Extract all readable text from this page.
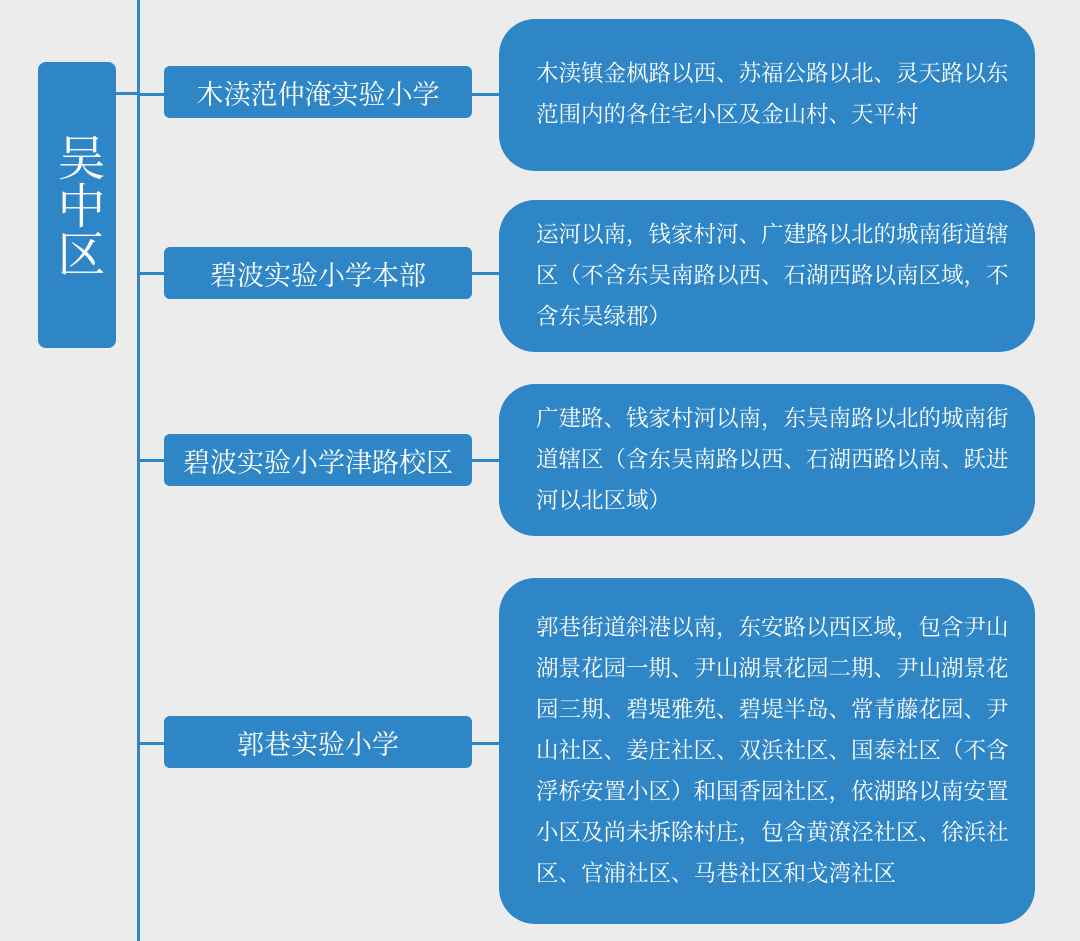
吴中区
木渎范仲淹实验小学
碧波实验小学本部
碧波实验小学津路校区
郭巷实验小学
木渎镇金枫路以西、苏福公路以北、灵天路以东范围内的各住宅小区及金山村、天平村
运河以南，钱家村河、广建路以北的城南街道辖区（不含东吴南路以西、石湖西路以南区域，不含东吴绿郡）
广建路、钱家村河以南，东吴南路以北的城南街道辖区（含东吴南路以西、石湖西路以南、跃进河以北区域）
郭巷街道斜港以南，东安路以西区域，包含尹山湖景花园一期、尹山湖景花园二期、尹山湖景花园三期、碧堤雅苑、碧堤半岛、常青藤花园、尹山社区、姜庄社区、双浜社区、国泰社区（不含浮桥安置小区）和国香园社区，依湖路以南安置小区及尚未拆除村庄，包含黄潦泾社区、徐浜社区、官浦社区、马巷社区和戈湾社区
